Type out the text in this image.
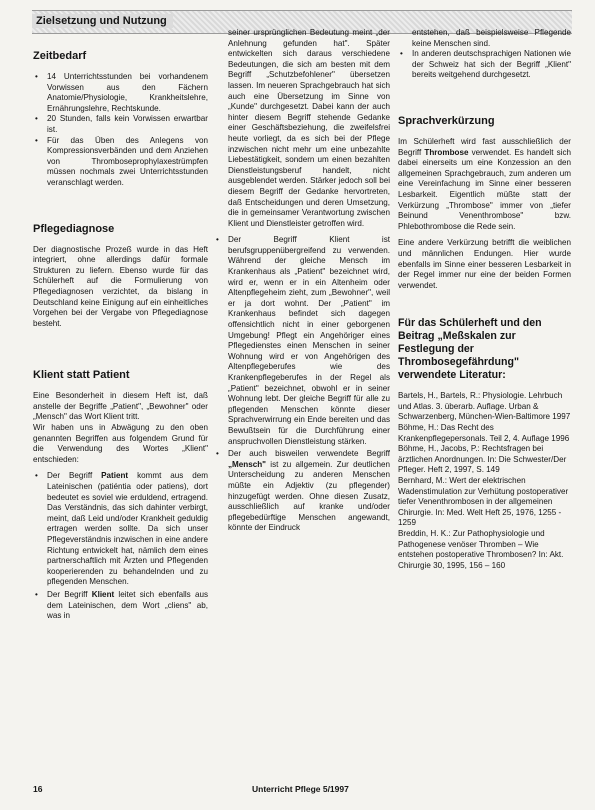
Zielsetzung und Nutzung
Zeitbedarf
• 14 Unterrichtsstunden bei vorhandenem Vorwissen aus den Fächern Anatomie/Physiologie, Krankheitslehre, Ernährungslehre, Rechtskunde.
• 20 Stunden, falls kein Vorwissen erwartbar ist.
• Für das Üben des Anlegens von Kompressionsverbänden und dem Anziehen von Thromboseprophylaxestrümpfen müssen nochmals zwei Unterrichtsstunden veranschlagt werden.
Pflegediagnose

Der diagnostische Prozeß wurde in das Heft integriert, ohne allerdings dafür formale Strukturen zu liefern. Ebenso wurde für das Schülerheft auf die Formulierung von Pflegediagnosen verzichtet, da bislang in Deutschland keine Einigung auf ein einheitliches Vorgehen bei der Vergabe von Pflegediagnose besteht.

Klient statt Patient

Eine Besonderheit in diesem Heft ist, daß anstelle der Begriffe „Patient", „Bewohner" oder „Mensch" das Wort Klient tritt.

Wir haben uns in Abwägung zu den oben genannten Begriffen aus folgendem Grund für die Verwendung des Wortes „Klient" entschieden:

• Der Begriff Patient kommt aus dem Lateinischen (patiéntia oder patiens), dort bedeutet es soviel wie erduldend, ertragend. Das Verständnis, das sich dahinter verbirgt, meint, daß Leid und/oder Krankheit geduldig ertragen werden sollte. Da sich unser Pflegeverständnis inzwischen in eine andere Richtung entwickelt hat, nämlich dem eines partnerschaftlich mit Ärzten und Pflegenden kooperierenden zu behandelnden und zu pflegenden Menschen.
• Der Begriff Klient leitet sich ebenfalls aus dem Lateinischen, dem Wort „cliens" ab, was in

seiner ursprünglichen Bedeutung meint „der Anlehnung gefunden hat". Später entwickelten sich daraus verschiedene Bedeutungen, die sich am besten mit dem Begriff „Schutzbefohlener" übersetzen lassen. Im neueren Sprachgebrauch hat sich auch eine Übersetzung im Sinne von „Kunde" durchgesetzt. Dabei kann der auch hinter diesem Begriff stehende Gedanke einer Geschäftsbeziehung, die zweifelsfrei heute vorliegt, da es sich bei der Pflege inzwischen nicht mehr um eine unbezahlte Liebestätigkeit, sondern um einen bezahlten Dienstleistungsberuf handelt, nicht ausgeblendet werden. Stärker jedoch soll bei diesem Begriff der Gedanke hervortreten, daß Entscheidungen und deren Umsetzung, die in gemeinsamer Verantwortung zwischen Klient und Dienstleister getroffen wird.

• Der Begriff Klient ist berufsgruppenübergreifend zu verwenden. Während der gleiche Mensch im Krankenhaus als „Patient" bezeichnet wird, wird er, wenn er in ein Altenheim oder Altenpflegeheim zieht, zum „Bewohner", weil er ja dort wohnt. Der „Patient" im Krankenhaus befindet sich dagegen offensichtlich nicht in einer geborgenen Umgebung! Pflegt ein Angehöriger eines Pflegedienstes einen Menschen in seiner Wohnung wird er von Angehörigen des Altenpflegeberufes wie des Krankenpflegeberufes in der Regel als „Patient" bezeichnet, obwohl er in seiner Wohnung lebt. Der gleiche Begriff für alle zu pflegenden Menschen könnte dieser Sprachverwirrung ein Ende bereiten und das Bewußtsein für die Durchführung einer anspruchvollen Dienstleistung stärken.
• Der auch bisweilen verwendete Begriff „Mensch" ist zu allgemein. Zur deutlichen Unterscheidung zu anderen Menschen müßte ein Adjektiv (zu pflegender) hinzugefügt werden. Ohne diesen Zusatz, ausschließlich auf kranke und/oder pflegebedürftige Menschen angewandt, könnte der Eindruck

entstehen, daß beispielsweise Pflegende keine Menschen sind.

• In anderen deutschsprachigen Nationen wie der Schweiz hat sich der Begriff „Klient" bereits weitgehend durchgesetzt.
Sprachverkürzung

Im Schülerheft wird fast ausschließlich der Begriff Thrombose verwendet. Es handelt sich dabei einerseits um eine Konzession an den allgemeinen Sprachgebrauch, zum anderen um eine Vereinfachung im Sinne einer besseren Lesbarkeit. Eigentlich müßte statt der Verkürzung „Thrombose" immer von „tiefer Beinund Venenthrombose" bzw. Phlebothrombose die Rede sein.

Eine andere Verkürzung betrifft die weiblichen und männlichen Endungen. Hier wurde ebenfalls im Sinne einer besseren Lesbarkeit in der Regel immer nur eine der beiden Formen verwendet.

Für das Schülerheft und den Beitrag „Meßskalen zur Festlegung der Thrombosegefährdung" verwendete Literatur:

Bartels, H., Bartels, R.: Physiologie. Lehrbuch und Atlas. 3. überarb. Auflage. Urban & Schwarzenberg, München-Wien-Baltimore 1997

Böhme, H.: Das Recht des Krankenpflegepersonals. Teil 2, 4. Auflage 1996

Böhme, H., Jacobs, P.: Rechtsfragen bei ärztlichen Anordnungen. In: Die Schwester/Der Pfleger. Heft 2, 1997, S. 149

Bernhard, M.: Wert der elektrischen Wadenstimulation zur Verhütung postoperativer tiefer Venenthrombosen in der allgemeinen Chirurgie. In: Med. Welt Heft 25, 1976, 1255 - 1259

Breddin, H. K.: Zur Pathophysiologie und Pathogenese venöser Thromben – Wie entstehen postoperative Thrombosen? In: Akt. Chirurgie 30, 1995, 156 – 160

16	Unterricht Pflege 5/1997
